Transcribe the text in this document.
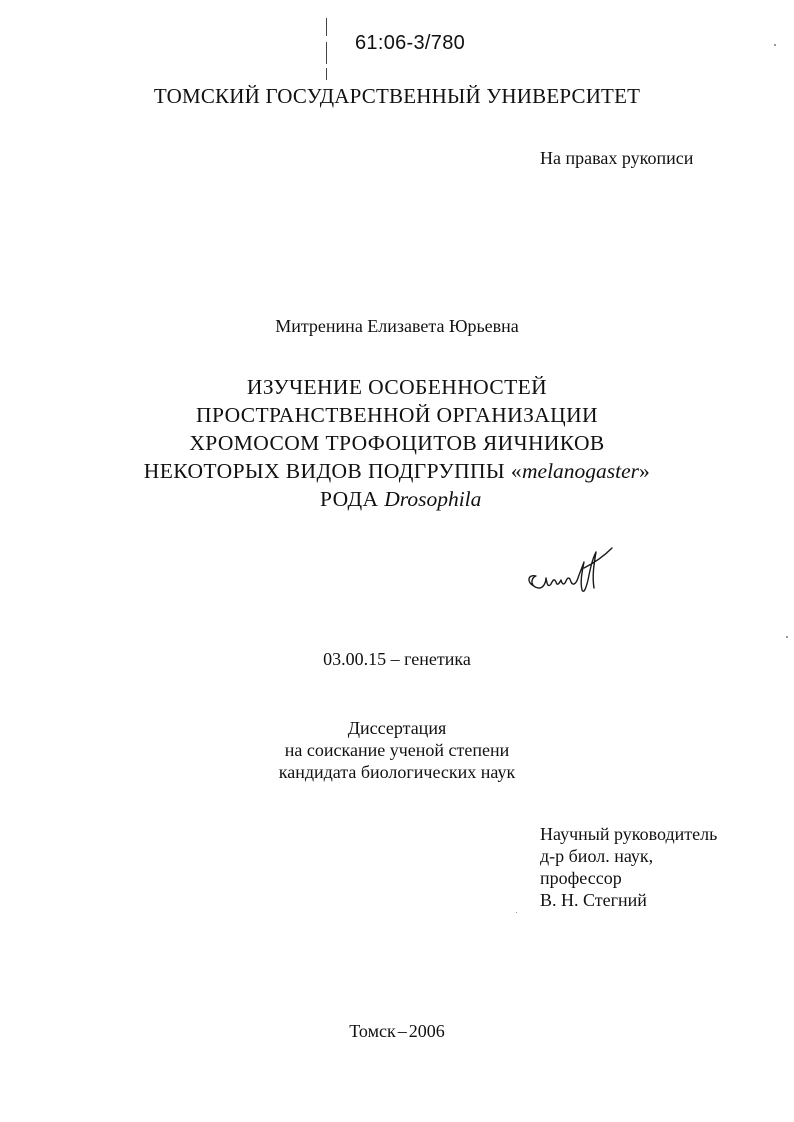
61:06-3/780
ТОМСКИЙ ГОСУДАРСТВЕННЫЙ УНИВЕРСИТЕТ
На правах рукописи
Митренина Елизавета Юрьевна
ИЗУЧЕНИЕ ОСОБЕННОСТЕЙ
ПРОСТРАНСТВЕННОЙ ОРГАНИЗАЦИИ
ХРОМОСОМ ТРОФОЦИТОВ ЯИЧНИКОВ
НЕКОТОРЫХ ВИДОВ ПОДГРУППЫ «melanogaster»
РОДА Drosophila
03.00.15 – генетика
Диссертация
на соискание ученой степени
кандидата биологических наук
Научный руководитель
д-р биол. наук,
профессор
В. Н. Стегний
Томск – 2006
